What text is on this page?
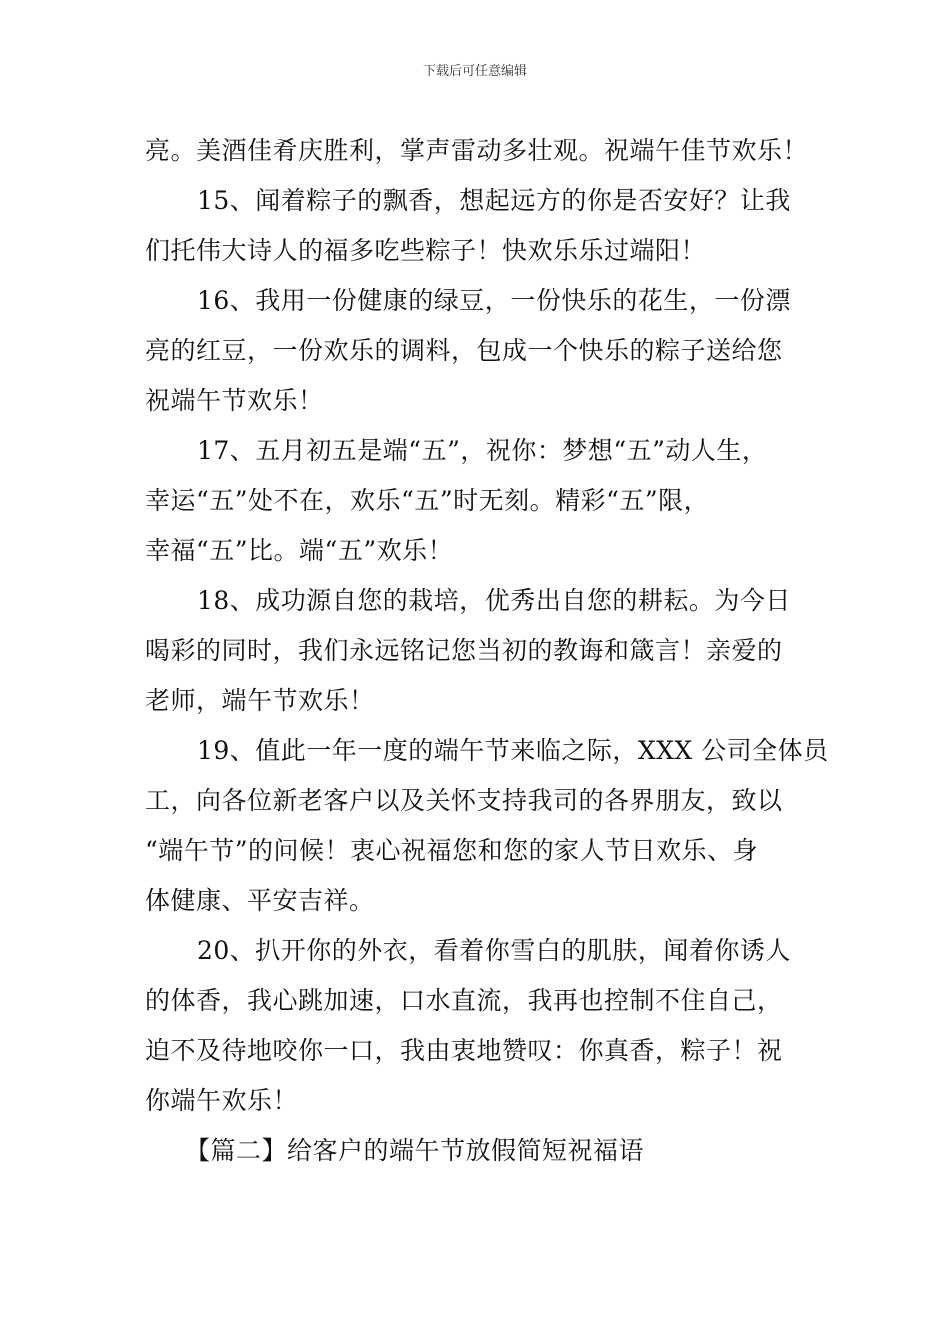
下载后可任意编辑
亮。美酒佳肴庆胜利，掌声雷动多壮观。祝端午佳节欢乐！
15、闻着粽子的飘香，想起远方的你是否安好？让我
们托伟大诗人的福多吃些粽子！快欢乐乐过端阳！
16、我用一份健康的绿豆，一份快乐的花生，一份漂
亮的红豆，一份欢乐的调料，包成一个快乐的粽子送给您
祝端午节欢乐！
17、五月初五是端“五”，祝你：梦想“五”动人生，
幸运“五”处不在，欢乐“五”时无刻。精彩“五”限，
幸福“五”比。端“五”欢乐！
18、成功源自您的栽培，优秀出自您的耕耘。为今日
喝彩的同时，我们永远铭记您当初的教诲和箴言！亲爱的
老师，端午节欢乐！
19、值此一年一度的端午节来临之际，XXX 公司全体员
工，向各位新老客户以及关怀支持我司的各界朋友，致以
“端午节”的问候！衷心祝福您和您的家人节日欢乐、身
体健康、平安吉祥。
20、扒开你的外衣，看着你雪白的肌肤，闻着你诱人
的体香，我心跳加速，口水直流，我再也控制不住自己，
迫不及待地咬你一口，我由衷地赞叹：你真香，粽子！祝
你端午欢乐！
【篇二】给客户的端午节放假简短祝福语
